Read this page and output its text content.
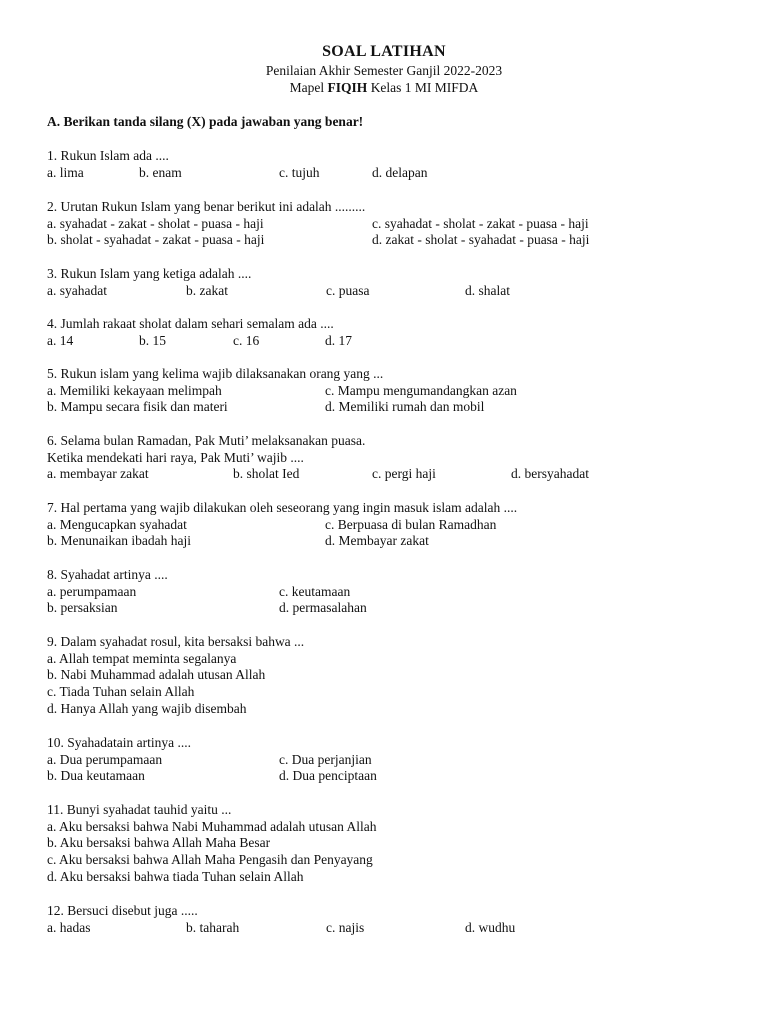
SOAL LATIHAN
Penilaian Akhir Semester Ganjil 2022-2023
Mapel FIQIH Kelas 1 MI MIFDA
A. Berikan tanda silang (X) pada jawaban yang benar!
1. Rukun Islam ada ....
a. lima	b. enam	c. tujuh	d. delapan
2. Urutan Rukun Islam yang benar berikut ini adalah .........
a. syahadat - zakat - sholat - puasa - haji	c. syahadat - sholat - zakat - puasa - haji
b. sholat - syahadat - zakat - puasa - haji	d. zakat - sholat - syahadat - puasa - haji
3. Rukun Islam yang ketiga adalah ....
a. syahadat	b. zakat	c. puasa	d. shalat
4. Jumlah rakaat sholat dalam sehari semalam ada ....
a. 14	b. 15	c. 16	d. 17
5. Rukun islam yang kelima wajib dilaksanakan orang yang ...
a. Memiliki kekayaan melimpah	c. Mampu mengumandangkan azan
b. Mampu secara fisik dan materi	d. Memiliki rumah dan mobil
6. Selama bulan Ramadan, Pak Muti’ melaksanakan puasa.
Ketika mendekati hari raya, Pak Muti’ wajib ....
a. membayar zakat	b. sholat Ied	c. pergi haji	d. bersyahadat
7. Hal pertama yang wajib dilakukan oleh seseorang yang ingin masuk islam adalah ....
a. Mengucapkan syahadat	c. Berpuasa di bulan Ramadhan
b. Menunaikan ibadah haji	d. Membayar zakat
8. Syahadat artinya ....
a. perumpamaan	c. keutamaan
b. persaksian	d. permasalahan
9. Dalam syahadat rosul, kita bersaksi bahwa ...
a. Allah tempat meminta segalanya
b. Nabi Muhammad adalah utusan Allah
c. Tiada Tuhan selain Allah
d. Hanya Allah yang wajib disembah
10. Syahadatain artinya ....
a. Dua perumpamaan	c. Dua perjanjian
b. Dua keutamaan	d. Dua penciptaan
11. Bunyi syahadat tauhid yaitu ...
a. Aku bersaksi bahwa Nabi Muhammad adalah utusan Allah
b. Aku bersaksi bahwa Allah Maha Besar
c. Aku bersaksi bahwa Allah Maha Pengasih dan Penyayang
d. Aku bersaksi bahwa tiada Tuhan selain Allah
12. Bersuci disebut juga .....
a. hadas	b. taharah	c. najis	d. wudhu
